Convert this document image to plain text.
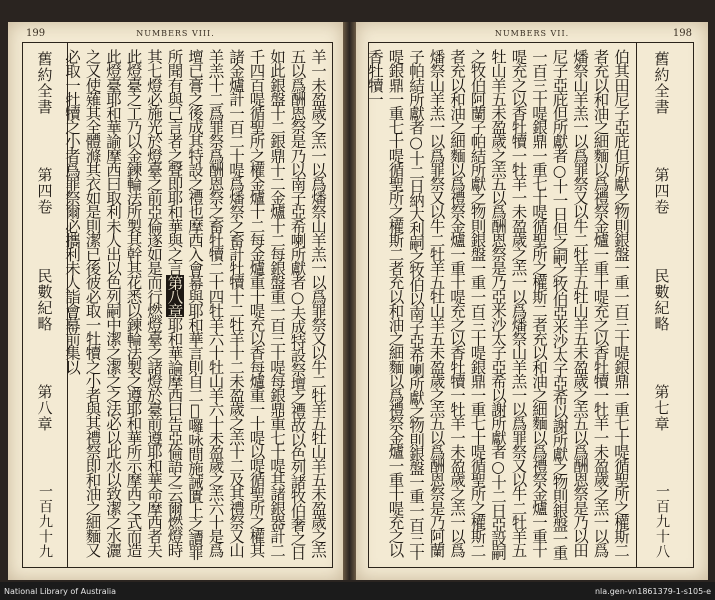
199	NUMBERS VIII.

羊一未盈歲之羔一以爲燔祭山羊羔一以爲罪祭又以牛二牡羊五牡山羊五未盈歲之羔五以爲酬恩祭是乃以南子亞希喇所獻者○夫成特設祭壇之禮故以色列諸牧伯奢之日如此銀盤十二銀鼎十二金爐十二每銀盤重一百三十㖷每銀鼎重七十㖷其諸銀器計二千四百㖷循聖所之權金爐十二每金爐重十㖷充以香每爐重一十㖷以㖷循聖所之權其諸金爐計一百二十㖷爲燔祭之畜計牡犢十二牡羊十二未盈歲之羔十二及其禮祭又山羊羔十二爲罪祭爲酬恩祭之畜牡犢二十四牡羊六十牡山羊六十未盈歲之羔六十是爲壇已膏之後成其特設之禮也摩西入會幕與耶和華言則自二𠼪囉咏間施誡匱上之讀罪所聞有與己言者之聲即耶和華與之言第八章耶和華論摩西曰告亞倫語之云爾燃燈時其七燈必施光於燈臺之前亞倫遂如是而行燃燈臺之諸燈於臺前遵耶和華命摩西者夫此燈臺之工乃以金鍊輪法所製其幹其花悉以鍊輪法製之遵耶和華所示摩西之式而造此燈臺耶和華諭摩西曰取利未人出以色列嗣中潔之潔之之法必以此水以致潔之水灑之又使薙其全體滌其衣如是則潔已後彼必取一牡犢之小者與其禮祭即和油之細麵又必取一牡犢之小者爲罪祭爾必攜利未人詣會幕前集以

舊約全書
第四卷
民數紀略
第八章
一百九十九
NUMBERS VII.	198

伯其田尼子亞庇但所獻之物則銀盤一重一百三十㖷銀鼎一重七十㖷循聖所之權斯二者充以和油之細麵以爲禮祭金爐一重十㖷充之以香牡犢一牡羊一未盈歲之羔一以爲燔祭山羊羔一以爲罪祭又以牛二牡羊五牡山羊五未盈歲之羔五以爲酬恩祭是乃以田尼子亞庇但所獻者○十一日但之嗣之牧伯亞米沙太子亞希以謝所獻之物則銀盤一重一百三十㖷銀鼎一重七十㖷循聖所之權斯二者充以和油之細麵以爲禮祭金爐一重十㖷充之以香牡犢一牡羊一未盈歲之羔一以爲燔祭山羊羔一以爲罪祭又以牛二牡羊五牡山羊五未盈歲之羔五以爲酬恩祭是乃亞米沙太子亞希以謝所獻者○十二日亞設嗣之牧伯阿蘭子帕結所獻之物則銀盤一重一百三十㖷銀鼎一重七十㖷循聖所之權斯二者充以和油之細麵以爲禮祭金爐一重十㖷充之以香牡犢一牡羊一未盈歲之羔一以爲燔祭山羊羔一以爲罪祭又以牛二牡羊五牡山羊五未盈歲之羔五以爲酬恩祭是乃阿蘭子帕結所獻者○十二日納大利嗣之牧伯以南子亞希喇所獻之物則銀盤一重一百三十㖷銀鼎一重七十㖷循聖所之權斯二者充以和油之細麵以爲禮祭金爐一重十㖷充之以香牡犢一	舊約全書
第四卷
民數紀略
第七章
一百九十八
National Library of Australia	nla.gen-vn1861379-1-s105-e
